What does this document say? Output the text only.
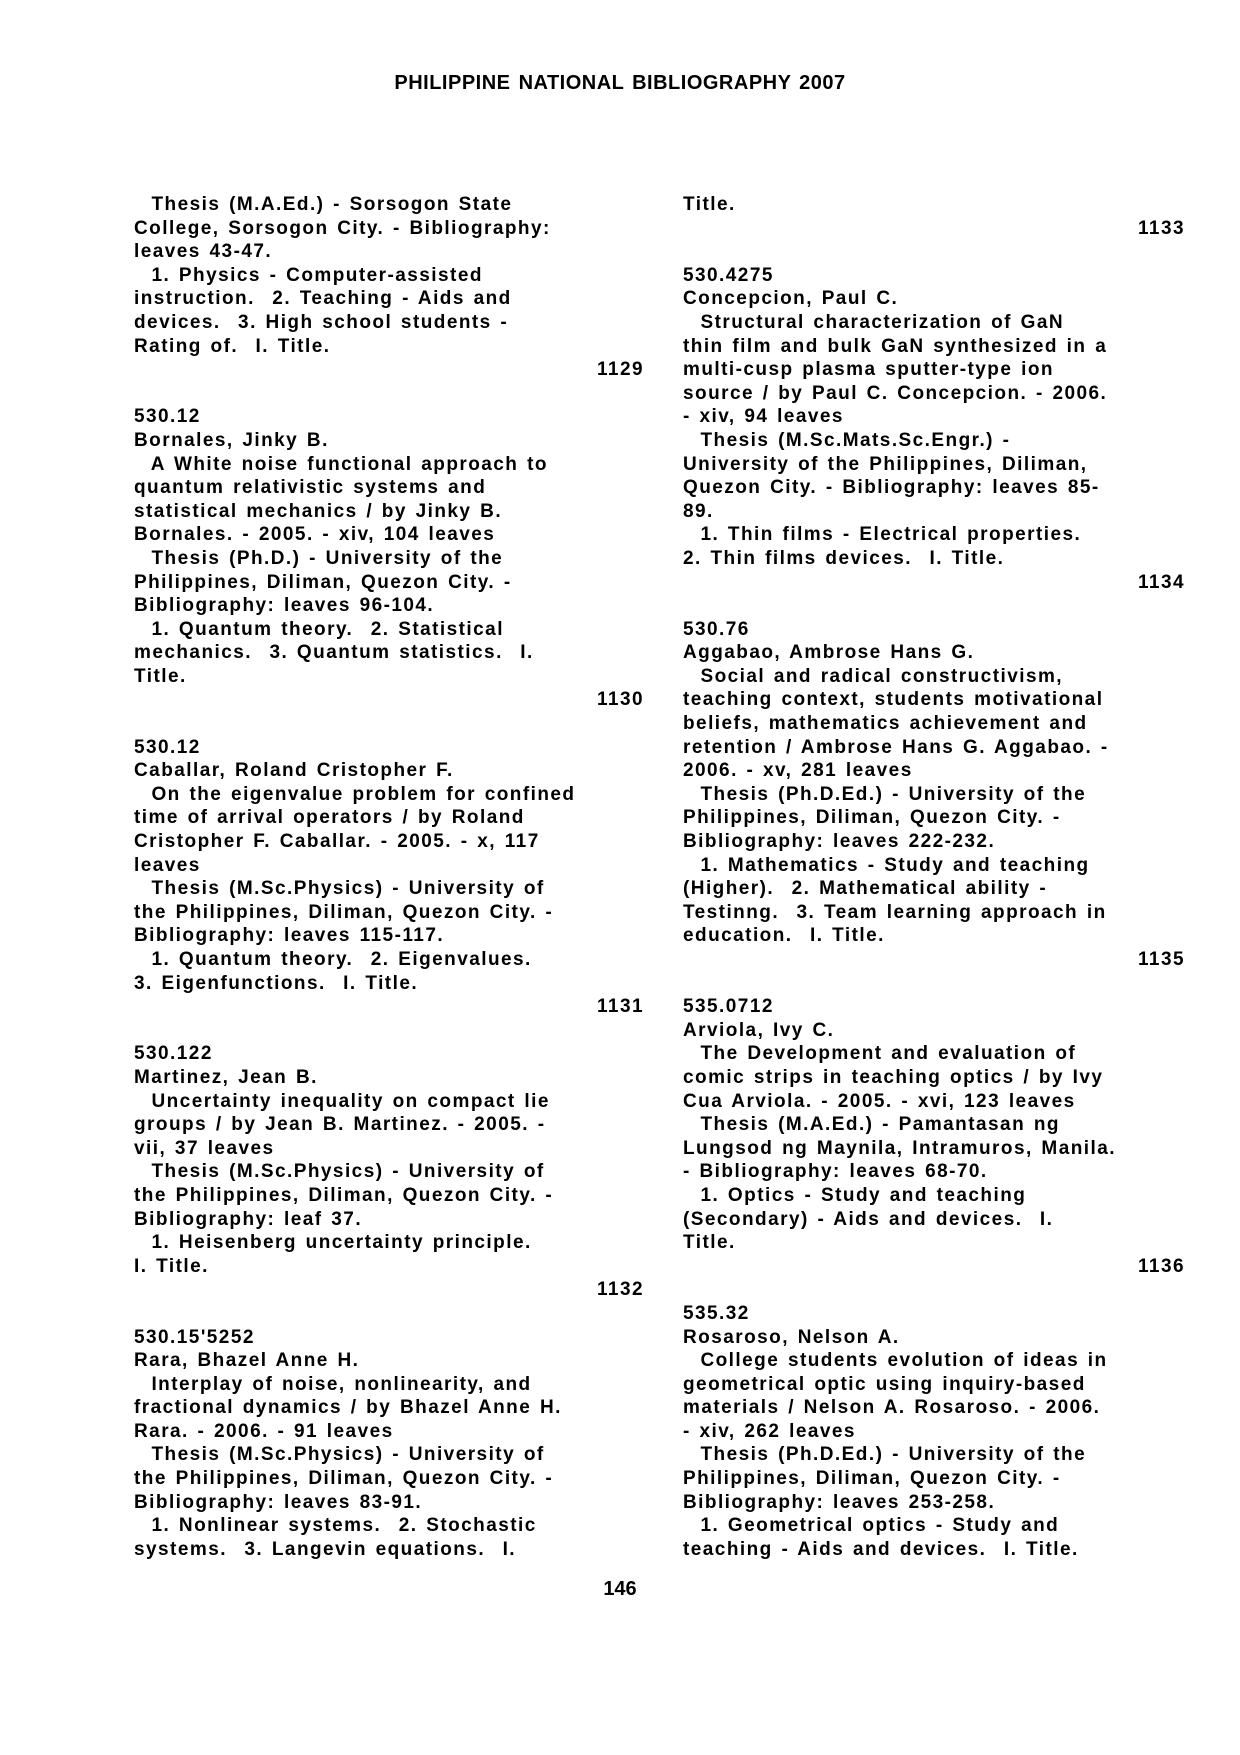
PHILIPPINE NATIONAL BIBLIOGRAPHY 2007
Thesis (M.A.Ed.) - Sorsogon State
College, Sorsogon City. - Bibliography:
leaves 43-47.
1. Physics - Computer-assisted
instruction.  2. Teaching - Aids and
devices.  3. High school students -
Rating of.  I. Title.
1129
530.12
Bornales, Jinky B.
A White noise functional approach to
quantum relativistic systems and
statistical mechanics / by Jinky B.
Bornales. - 2005. - xiv, 104 leaves
Thesis (Ph.D.) - University of the
Philippines, Diliman, Quezon City. -
Bibliography: leaves 96-104.
1. Quantum theory.  2. Statistical
mechanics.  3. Quantum statistics.  I.
Title.
1130
530.12
Caballar, Roland Cristopher F.
On the eigenvalue problem for confined
time of arrival operators / by Roland
Cristopher F. Caballar. - 2005. - x, 117
leaves
Thesis (M.Sc.Physics) - University of
the Philippines, Diliman, Quezon City. -
Bibliography: leaves 115-117.
1. Quantum theory.  2. Eigenvalues.
3. Eigenfunctions.  I. Title.
1131
530.122
Martinez, Jean B.
Uncertainty inequality on compact lie
groups / by Jean B. Martinez. - 2005. -
vii, 37 leaves
Thesis (M.Sc.Physics) - University of
the Philippines, Diliman, Quezon City. -
Bibliography: leaf 37.
1. Heisenberg uncertainty principle.
I. Title.
1132
530.15'5252
Rara, Bhazel Anne H.
Interplay of noise, nonlinearity, and
fractional dynamics / by Bhazel Anne H.
Rara. - 2006. - 91 leaves
Thesis (M.Sc.Physics) - University of
the Philippines, Diliman, Quezon City. -
Bibliography: leaves 83-91.
1. Nonlinear systems.  2. Stochastic
systems.  3. Langevin equations.  I.
Title.
1133
530.4275
Concepcion, Paul C.
Structural characterization of GaN
thin film and bulk GaN synthesized in a
multi-cusp plasma sputter-type ion
source / by Paul C. Concepcion. - 2006.
- xiv, 94 leaves
Thesis (M.Sc.Mats.Sc.Engr.) -
University of the Philippines, Diliman,
Quezon City. - Bibliography: leaves 85-
89.
1. Thin films - Electrical properties.
2. Thin films devices.  I. Title.
1134
530.76
Aggabao, Ambrose Hans G.
Social and radical constructivism,
teaching context, students motivational
beliefs, mathematics achievement and
retention / Ambrose Hans G. Aggabao. -
2006. - xv, 281 leaves
Thesis (Ph.D.Ed.) - University of the
Philippines, Diliman, Quezon City. -
Bibliography: leaves 222-232.
1. Mathematics - Study and teaching
(Higher).  2. Mathematical ability -
Testinng.  3. Team learning approach in
education.  I. Title.
1135
535.0712
Arviola, Ivy C.
The Development and evaluation of
comic strips in teaching optics / by Ivy
Cua Arviola. - 2005. - xvi, 123 leaves
Thesis (M.A.Ed.) - Pamantasan ng
Lungsod ng Maynila, Intramuros, Manila.
- Bibliography: leaves 68-70.
1. Optics - Study and teaching
(Secondary) - Aids and devices.  I.
Title.
1136
535.32
Rosaroso, Nelson A.
College students evolution of ideas in
geometrical optic using inquiry-based
materials / Nelson A. Rosaroso. - 2006.
- xiv, 262 leaves
Thesis (Ph.D.Ed.) - University of the
Philippines, Diliman, Quezon City. -
Bibliography: leaves 253-258.
1. Geometrical optics - Study and
teaching - Aids and devices.  I. Title.
146
